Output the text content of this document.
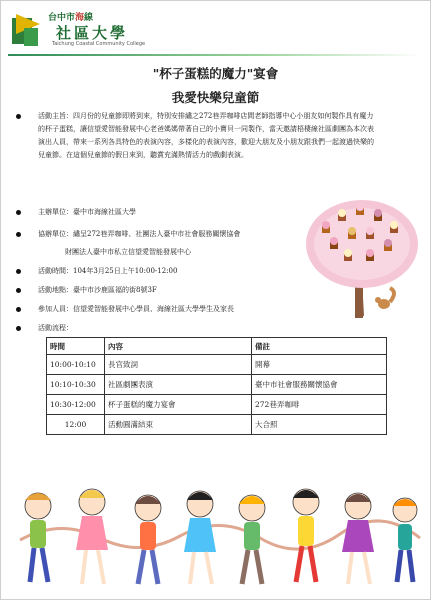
台中市海線
社區大學
Taichung Coastal Community College
"杯子蛋糕的魔力"宴會
我愛快樂兒童節
活動主旨：四月份的兒童節即將到來，特別安排繡之272巷弄咖啡店間老師指導中心小朋友如何製作具有魔力的杯子蛋糕，讓信望愛智能發展中心老爸媽媽帶著自己的小寶貝一同製作，當天邀請梧棲線社區劇團為本次表演出人員，帶來一系列各具特色的表演內容，多樣化的表演內容，歡迎大朋友及小朋友跟我們一起渡過快樂的兒童節。在這個兒童節的假日來到，聽賞充滿熱情活力的戲劇表演。
主辦單位：臺中市海線社區大學
協辦單位：繡呈272巷弄咖啡、社團法人臺中市社會服務關懷協會
財團法人臺中市私立信望愛智能發展中心
活動時間：104年3月25日上午10:00-12:00
活動地點：臺中市沙鹿區福的街8號3F
參加人員：信望愛智能發展中心學員、海線社區大學學生及家長
活動流程：
時間	內容	備註
10:00-10:10	長官致詞	開幕
10:10-10:30	社區劇團表演	臺中市社會服務關懷協會
10:30-12:00	杯子蛋糕的魔力宴會	272巷弄咖啡
12:00	活動圓滿結束	大合照
